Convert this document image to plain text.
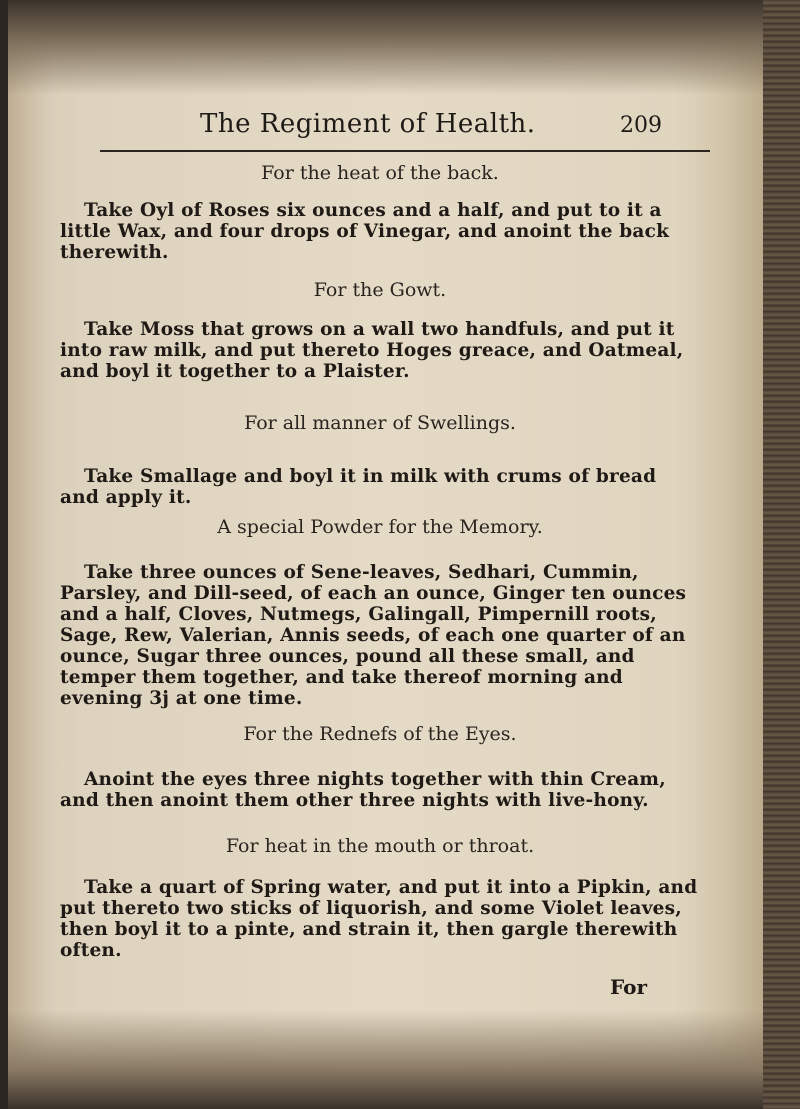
The Regiment of Health.	209

For the heat of the back.

Take Oyl of Roses six ounces and a half, and put to it a little Wax, and four drops of Vinegar, and anoint the back therewith.

For the Gowt.

Take Moss that grows on a wall two handfuls, and put it into raw milk, and put thereto Hoges greace, and Oatmeal, and boyl it together to a Plaister.

For all manner of Swellings.

Take Smallage and boyl it in milk with crums of bread and apply it.

A special Powder for the Memory.

Take three ounces of Sene-leaves, Sedhari, Cummin, Parsley, and Dill-seed, of each an ounce, Ginger ten ounces and a half, Cloves, Nutmegs, Galingall, Pimpernill roots, Sage, Rew, Valerian, Annis seeds, of each one quarter of an ounce, Sugar three ounces, pound all these small, and temper them together, and take thereof morning and evening 3j at one time.

For the Rednefs of the Eyes.

Anoint the eyes three nights together with thin Cream, and then anoint them other three nights with live-hony.

For heat in the mouth or throat.

Take a quart of Spring water, and put it into a Pipkin, and put thereto two sticks of liquorish, and some Violet leaves, then boyl it to a pinte, and strain it, then gargle therewith often.

For
